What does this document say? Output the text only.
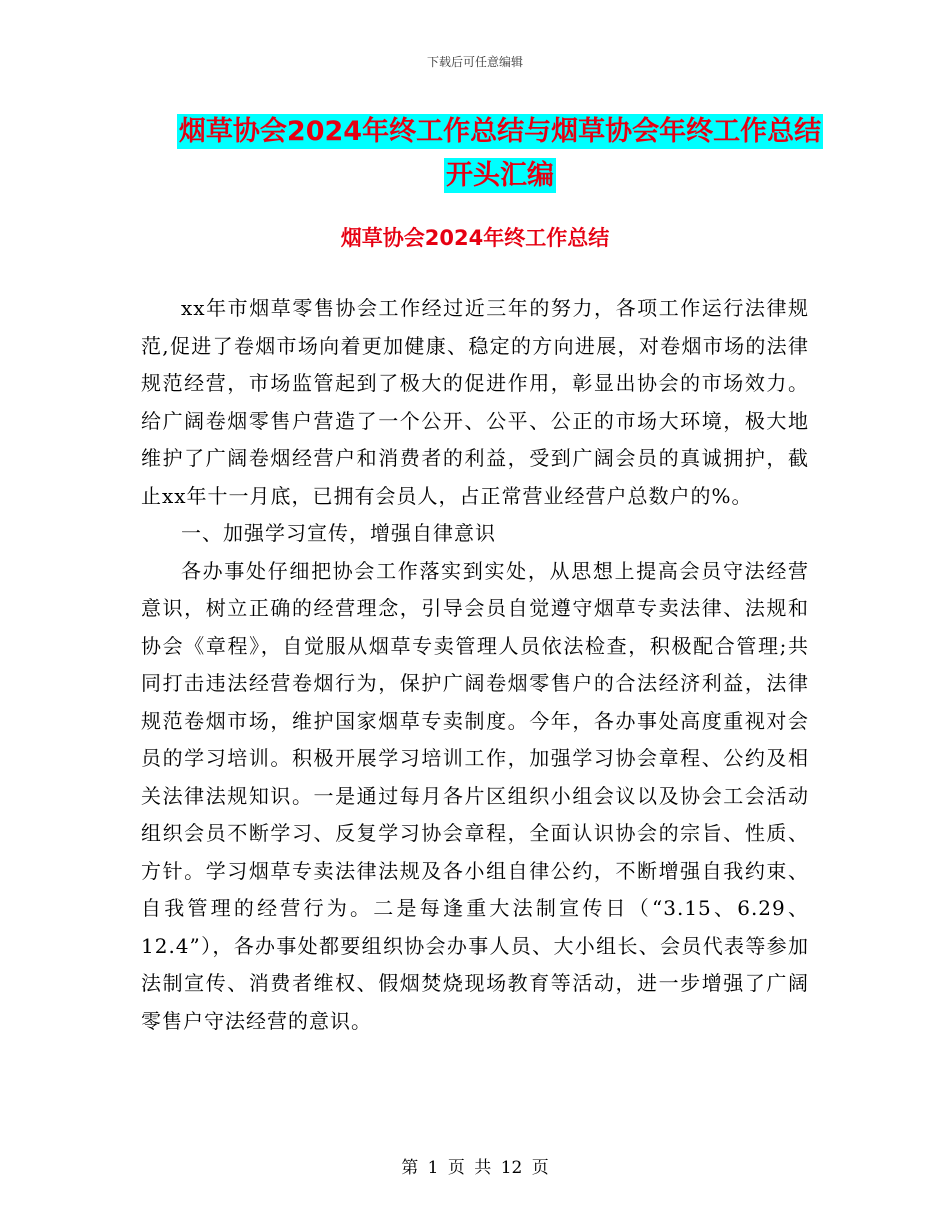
下载后可任意编辑
烟草协会2024年终工作总结与烟草协会年终工作总结
开头汇编
烟草协会2024年终工作总结

xx年市烟草零售协会工作经过近三年的努力，各项工作运行法律规范,促进了卷烟市场向着更加健康、稳定的方向进展，对卷烟市场的法律规范经营，市场监管起到了极大的促进作用，彰显出协会的市场效力。给广阔卷烟零售户营造了一个公开、公平、公正的市场大环境，极大地维护了广阔卷烟经营户和消费者的利益，受到广阔会员的真诚拥护，截止xx年十一月底，已拥有会员人，占正常营业经营户总数户的%。

一、加强学习宣传，增强自律意识

各办事处仔细把协会工作落实到实处，从思想上提高会员守法经营意识，树立正确的经营理念，引导会员自觉遵守烟草专卖法律、法规和协会《章程》，自觉服从烟草专卖管理人员依法检查，积极配合管理;共同打击违法经营卷烟行为，保护广阔卷烟零售户的合法经济利益，法律规范卷烟市场，维护国家烟草专卖制度。今年，各办事处高度重视对会员的学习培训。积极开展学习培训工作，加强学习协会章程、公约及相关法律法规知识。一是通过每月各片区组织小组会议以及协会工会活动组织会员不断学习、反复学习协会章程，全面认识协会的宗旨、性质、方针。学习烟草专卖法律法规及各小组自律公约，不断增强自我约束、自我管理的经营行为。二是每逢重大法制宣传日（“3.15、6.29、12.4”），各办事处都要组织协会办事人员、大小组长、会员代表等参加法制宣传、消费者维权、假烟焚烧现场教育等活动，进一步增强了广阔零售户守法经营的意识。

第 1 页 共 12 页
